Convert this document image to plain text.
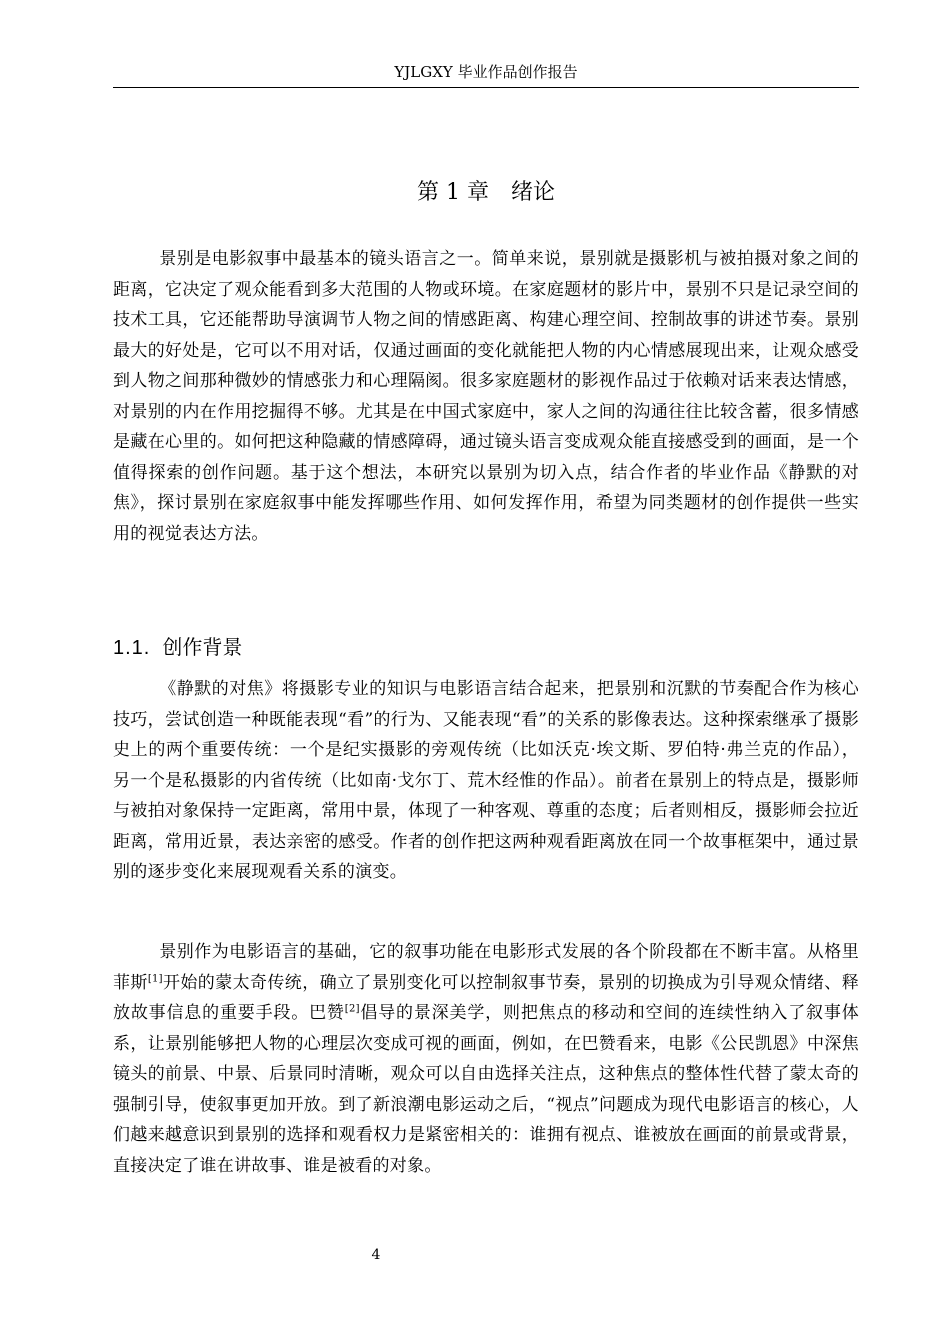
YJLGXY 毕业作品创作报告
第 1 章 绪论

景别是电影叙事中最基本的镜头语言之一。简单来说，景别就是摄影机与被拍摄对象之间的距离，它决定了观众能看到多大范围的人物或环境。在家庭题材的影片中，景别不只是记录空间的技术工具，它还能帮助导演调节人物之间的情感距离、构建心理空间、控制故事的讲述节奏。景别最大的好处是，它可以不用对话，仅通过画面的变化就能把人物的内心情感展现出来，让观众感受到人物之间那种微妙的情感张力和心理隔阂。很多家庭题材的影视作品过于依赖对话来表达情感，对景别的内在作用挖掘得不够。尤其是在中国式家庭中，家人之间的沟通往往比较含蓄，很多情感是藏在心里的。如何把这种隐藏的情感障碍，通过镜头语言变成观众能直接感受到的画面，是一个值得探索的创作问题。基于这个想法，本研究以景别为切入点，结合作者的毕业作品《静默的对焦》，探讨景别在家庭叙事中能发挥哪些作用、如何发挥作用，希望为同类题材的创作提供一些实用的视觉表达方法。

1.1. 创作背景

《静默的对焦》将摄影专业的知识与电影语言结合起来，把景别和沉默的节奏配合作为核心技巧，尝试创造一种既能表现“看”的行为、又能表现“看”的关系的影像表达。这种探索继承了摄影史上的两个重要传统：一个是纪实摄影的旁观传统（比如沃克·埃文斯、罗伯特·弗兰克的作品），另一个是私摄影的内省传统（比如南·戈尔丁、荒木经惟的作品）。前者在景别上的特点是，摄影师与被拍对象保持一定距离，常用中景，体现了一种客观、尊重的态度；后者则相反，摄影师会拉近距离，常用近景，表达亲密的感受。作者的创作把这两种观看距离放在同一个故事框架中，通过景别的逐步变化来展现观看关系的演变。

景别作为电影语言的基础，它的叙事功能在电影形式发展的各个阶段都在不断丰富。从格里菲斯[1]开始的蒙太奇传统，确立了景别变化可以控制叙事节奏，景别的切换成为引导观众情绪、释放故事信息的重要手段。巴赞[2]倡导的景深美学，则把焦点的移动和空间的连续性纳入了叙事体系，让景别能够把人物的心理层次变成可视的画面，例如，在巴赞看来，电影《公民凯恩》中深焦镜头的前景、中景、后景同时清晰，观众可以自由选择关注点，这种焦点的整体性代替了蒙太奇的强制引导，使叙事更加开放。到了新浪潮电影运动之后，“视点”问题成为现代电影语言的核心，人们越来越意识到景别的选择和观看权力是紧密相关的：谁拥有视点、谁被放在画面的前景或背景，直接决定了谁在讲故事、谁是被看的对象。

4
